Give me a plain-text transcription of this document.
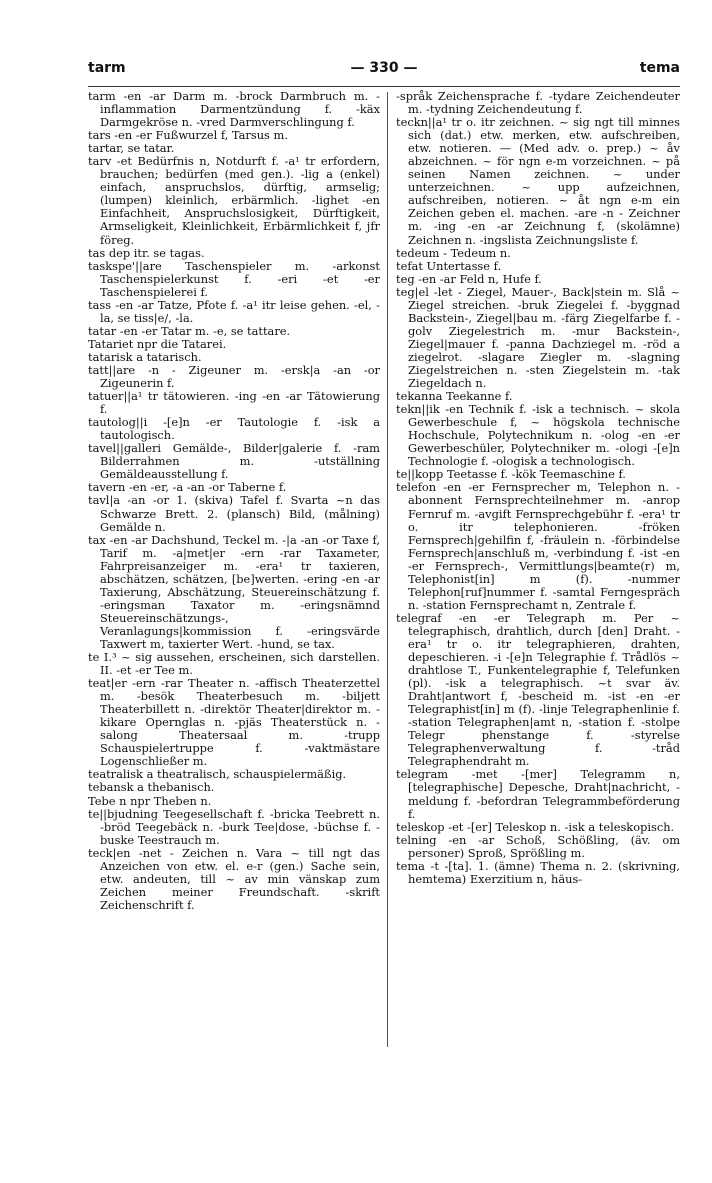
tarm	— 330 —	tema

tarm -en -ar Darm m. -brock Darmbruch m. -inflammation Darmentzündung f. -käx Darmgekröse n. -vred Darmverschlingung f.

tars -en -er Fußwurzel f, Tarsus m.

tartar, se tatar.

tarv -et Bedürfnis n, Notdurft f. -a¹ tr erfordern, brauchen; bedürfen (med gen.). -lig a (enkel) einfach, anspruchslos, dürftig, armselig; (lumpen) kleinlich, erbärmlich. -lighet -en Einfachheit, Anspruchslosigkeit, Dürftigkeit, Armseligkeit, Kleinlichkeit, Erbärmlichkeit f, jfr föreg.

tas dep itr. se tagas.

taskspe'||are Taschenspieler m. -arkonst Taschenspielerkunst f. -eri -et -er Taschenspielerei f.

tass -en -ar Tatze, Pfote f. -a¹ itr leise gehen. -el, -la, se tiss|e/, -la.

tatar -en -er Tatar m. -e, se tattare.

Tatariet npr die Tatarei.

tatarisk a tatarisch.

tatt||are -n - Zigeuner m. -ersk|a -an -or Zigeunerin f.

tatuer||a¹ tr tätowieren. -ing -en -ar Tätowierung f.

tautolog||i -[e]n -er Tautologie f. -isk a tautologisch.

tavel||galleri Gemälde-, Bilder|galerie f. -ram Bilderrahmen m. -utställning Gemäldeausstellung f.

tavern -en -er, -a -an -or Taberne f.

tavl|a -an -or 1. (skiva) Tafel f. Svarta ~n das Schwarze Brett. 2. (plansch) Bild, (målning) Gemälde n.

tax -en -ar Dachshund, Teckel m. -|a -an -or Taxe f, Tarif m. -a|met|er -ern -rar Taxameter, Fahrpreisanzeiger m. -era¹ tr taxieren, abschätzen, schätzen, [be]werten. -ering -en -ar Taxierung, Abschätzung, Steuereinschätzung f. -eringsman Taxator m. -eringsnämnd Steuereinschätzungs-, Veranlagungs|kommission f. -eringsvärde Taxwert m, taxierter Wert. -hund, se tax.

te I.³ ~ sig aussehen, erscheinen, sich darstellen. II. -et -er Tee m.

teat|er -ern -rar Theater n. -affisch Theaterzettel m. -besök Theaterbesuch m. -biljett Theaterbillett n. -direktör Theater|direktor m. -kikare Opernglas n. -pjäs Theaterstück n. -salong Theatersaal m. -trupp Schauspielertruppe f. -vaktmästare Logenschließer m.

teatralisk a theatralisch, schauspielermäßig.

tebansk a thebanisch.

Tebe n npr Theben n.

te||bjudning Teegesellschaft f. -bricka Teebrett n. -bröd Teegebäck n. -burk Tee|dose, -büchse f. -buske Teestrauch m.

teck|en -net - Zeichen n. Vara ~ till ngt das Anzeichen von etw. el. e-r (gen.) Sache sein, etw. andeuten, till ~ av min vänskap zum Zeichen meiner Freundschaft. -skrift Zeichenschrift f.

-språk Zeichensprache f. -tydare Zeichendeuter m. -tydning Zeichendeutung f.

teckn||a¹ tr o. itr zeichnen. ~ sig ngt till minnes sich (dat.) etw. merken, etw. aufschreiben, etw. notieren. — (Med adv. o. prep.) ~ åv abzeichnen. ~ för ngn e-m vorzeichnen. ~ på seinen Namen zeichnen. ~ under unterzeichnen. ~ upp aufzeichnen, aufschreiben, notieren. ~ åt ngn e-m ein Zeichen geben el. machen. -are -n - Zeichner m. -ing -en -ar Zeichnung f, (skolämne) Zeichnen n. -ingslista Zeichnungsliste f.

tedeum - Tedeum n.

tefat Untertasse f.

teg -en -ar Feld n, Hufe f.

teg|el -let - Ziegel, Mauer-, Back|stein m. Slå ~ Ziegel streichen. -bruk Ziegelei f. -byggnad Backstein-, Ziegel|bau m. -färg Ziegelfarbe f. -golv Ziegelestrich m. -mur Backstein-, Ziegel|mauer f. -panna Dachziegel m. -röd a ziegelrot. -slagare Ziegler m. -slagning Ziegelstreichen n. -sten Ziegelstein m. -tak Ziegeldach n.

tekanna Teekanne f.

tekn||ik -en Technik f. -isk a technisch. ~ skola Gewerbeschule f, ~ högskola technische Hochschule, Polytechnikum n. -olog -en -er Gewerbeschüler, Polytechniker m. -ologi -[e]n Technologie f. -ologisk a technologisch.

te||kopp Teetasse f. -kök Teemaschine f.

telefon -en -er Fernsprecher m, Telephon n. -abonnent Fernsprechteilnehmer m. -anrop Fernruf m. -avgift Fernsprechgebühr f. -era¹ tr o. itr telephonieren. -fröken Fernsprech|gehilfin f, -fräulein n. -förbindelse Fernsprech|anschluß m, -verbindung f. -ist -en -er Fernsprech-, Vermittlungs|beamte(r) m, Telephonist[in] m (f). -nummer Telephon[ruf]nummer f. -samtal Ferngespräch n. -station Fernsprechamt n, Zentrale f.

telegraf -en -er Telegraph m. Per ~ telegraphisch, drahtlich, durch [den] Draht. -era¹ tr o. itr telegraphieren, drahten, depeschieren. -i -[e]n Telegraphie f. Trådlös ~ drahtlose T., Funkentelegraphie f, Telefunken (pl). -isk a telegraphisch. ~t svar äv. Draht|antwort f, -bescheid m. -ist -en -er Telegraphist[in] m (f). -linje Telegraphenlinie f. -station Telegraphen|amt n, -station f. -stolpe Telegr phenstange f. -styrelse Telegraphenverwaltung f. -tråd Telegraphendraht m.

telegram -met -[mer] Telegramm n, [telegraphische] Depesche, Draht|nachricht, -meldung f. -befordran Telegrammbeförderung f.

teleskop -et -[er] Teleskop n. -isk a teleskopisch.

telning -en -ar Schoß, Schößling, (äv. om personer) Sproß, Sprößling m.

tema -t -[ta]. 1. (ämne) Thema n. 2. (skrivning, hemtema) Exerzitium n, häus-
